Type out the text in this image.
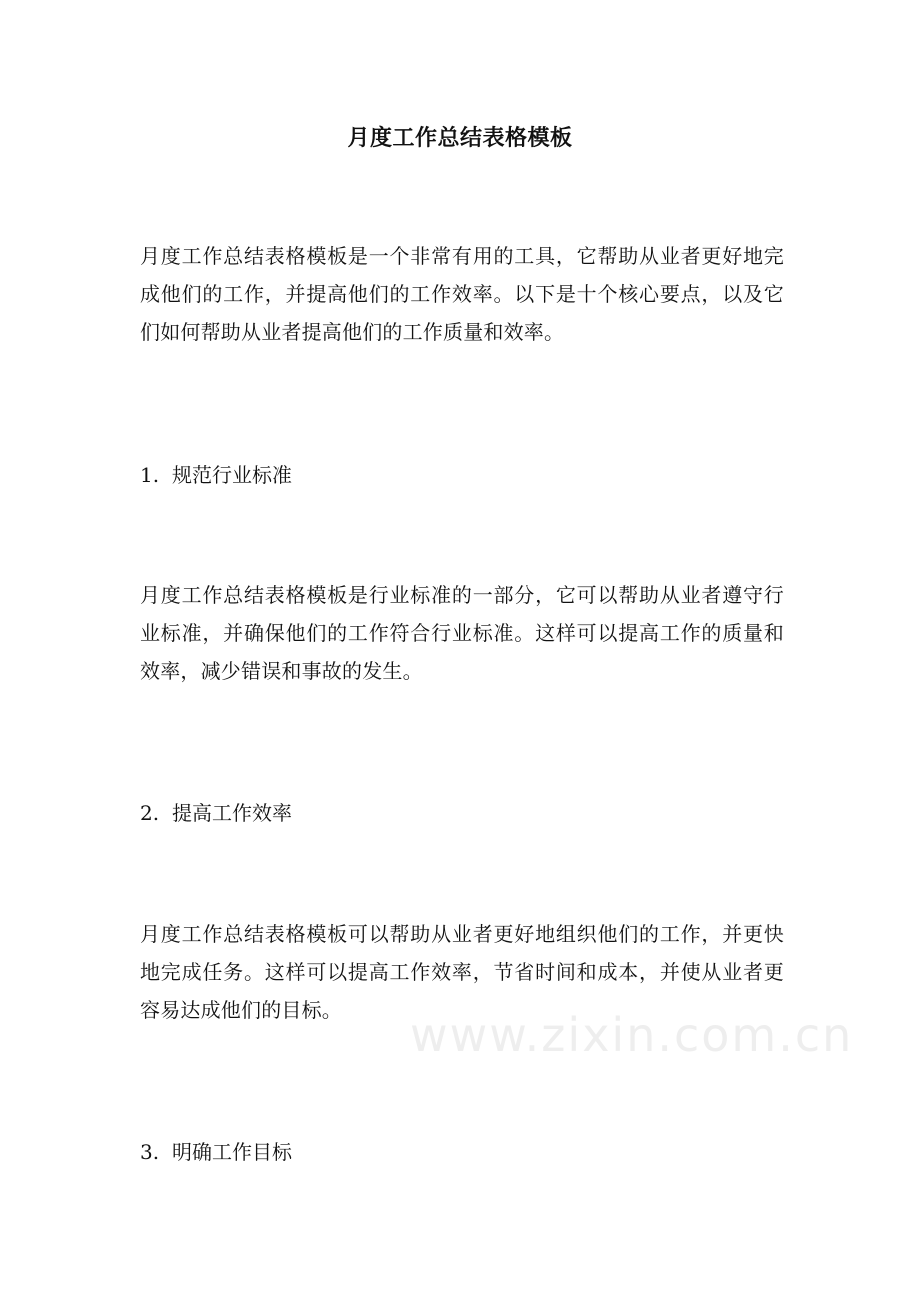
www.zixin.com.cn
月度工作总结表格模板
月度工作总结表格模板是一个非常有用的工具，它帮助从业者更好地完成他们的工作，并提高他们的工作效率。以下是十个核心要点，以及它们如何帮助从业者提高他们的工作质量和效率。
1. 规范行业标准
月度工作总结表格模板是行业标准的一部分，它可以帮助从业者遵守行业标准，并确保他们的工作符合行业标准。这样可以提高工作的质量和效率，减少错误和事故的发生。
2. 提高工作效率
月度工作总结表格模板可以帮助从业者更好地组织他们的工作，并更快地完成任务。这样可以提高工作效率，节省时间和成本，并使从业者更容易达成他们的目标。
3. 明确工作目标
